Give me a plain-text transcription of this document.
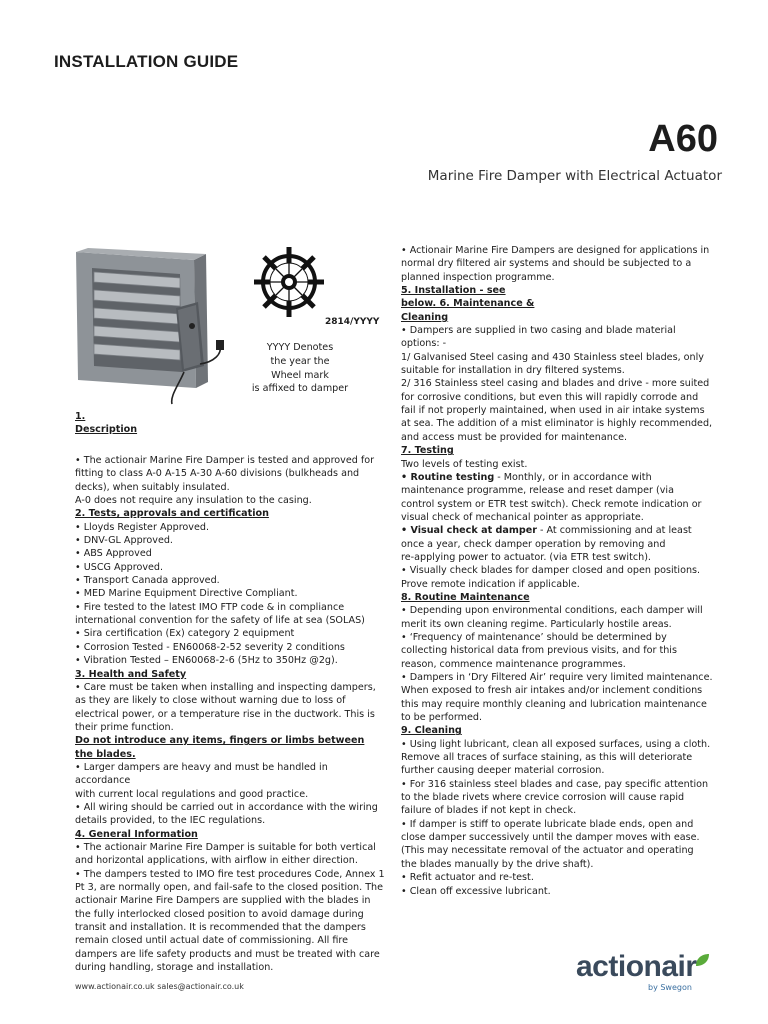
INSTALLATION GUIDE
A60
Marine Fire Damper with Electrical Actuator
2814/YYYY
YYYY Denotes
the year the
Wheel mark
is affixed to damper
1.
Description

• The actionair Marine Fire Damper is tested and approved for

fitting to class A-0 A-15 A-30 A-60 divisions (bulkheads and

decks), when suitably insulated.

A-0 does not require any insulation to the casing.

2. Tests, approvals and certification

• Lloyds Register Approved.

• DNV-GL Approved.

• ABS Approved

• USCG Approved.

• Transport Canada approved.

• MED Marine Equipment Directive Compliant.

• Fire tested to the latest IMO FTP code & in compliance

international convention for the safety of life at sea (SOLAS)

• Sira certification (Ex) category 2 equipment

• Corrosion Tested - EN60068-2-52 severity 2 conditions

• Vibration Tested – EN60068-2-6 (5Hz to 350Hz @2g).

3. Health and Safety

• Care must be taken when installing and inspecting dampers,

as they are likely to close without warning due to loss of

electrical power, or a temperature rise in the ductwork. This is

their prime function.

Do not introduce any items, fingers or limbs between

the blades.

• Larger dampers are heavy and must be handled in accordance

with current local regulations and good practice.

• All wiring should be carried out in accordance with the wiring

details provided, to the IEC regulations.

4. General Information

• The actionair Marine Fire Damper is suitable for both vertical

and horizontal applications, with airflow in either direction.

• The dampers tested to IMO fire test procedures Code, Annex 1

Pt 3, are normally open, and fail-safe to the closed position. The

actionair Marine Fire Dampers are supplied with the blades in

the fully interlocked closed position to avoid damage during

transit and installation. It is recommended that the dampers

remain closed until actual date of commissioning. All fire

dampers are life safety products and must be treated with care

during handling, storage and installation.

• Actionair Marine Fire Dampers are designed for applications in

normal dry filtered air systems and should be subjected to a

planned inspection programme.

5. Installation - see

below. 6. Maintenance &

Cleaning

• Dampers are supplied in two casing and blade material

options: -

1/ Galvanised Steel casing and 430 Stainless steel blades, only

suitable for installation in dry filtered systems.

2/ 316 Stainless steel casing and blades and drive - more suited

for corrosive conditions, but even this will rapidly corrode and

fail if not properly maintained, when used in air intake systems

at sea. The addition of a mist eliminator is highly recommended,

and access must be provided for maintenance.

7. Testing

Two levels of testing exist.

• Routine testing - Monthly, or in accordance with

maintenance programme, release and reset damper (via

control system or ETR test switch). Check remote indication or

visual check of mechanical pointer as appropriate.

• Visual check at damper - At commissioning and at least

once a year, check damper operation by removing and

re-applying power to actuator. (via ETR test switch).

• Visually check blades for damper closed and open positions.

Prove remote indication if applicable.

8. Routine Maintenance

• Depending upon environmental conditions, each damper will

merit its own cleaning regime. Particularly hostile areas.

• ‘Frequency of maintenance’ should be determined by

collecting historical data from previous visits, and for this

reason, commence maintenance programmes.

• Dampers in ‘Dry Filtered Air’ require very limited maintenance.

When exposed to fresh air intakes and/or inclement conditions

this may require monthly cleaning and lubrication maintenance

to be performed.

9. Cleaning

• Using light lubricant, clean all exposed surfaces, using a cloth.

Remove all traces of surface staining, as this will deteriorate

further causing deeper material corrosion.

• For 316 stainless steel blades and case, pay specific attention

to the blade rivets where crevice corrosion will cause rapid

failure of blades if not kept in check.

• If damper is stiff to operate lubricate blade ends, open and

close damper successively until the damper moves with ease.

(This may necessitate removal of the actuator and operating

the blades manually by the drive shaft).

• Refit actuator and re-test.

• Clean off excessive lubricant.

www.actionair.co.uk sales@actionair.co.uk
actionair
by Swegon
